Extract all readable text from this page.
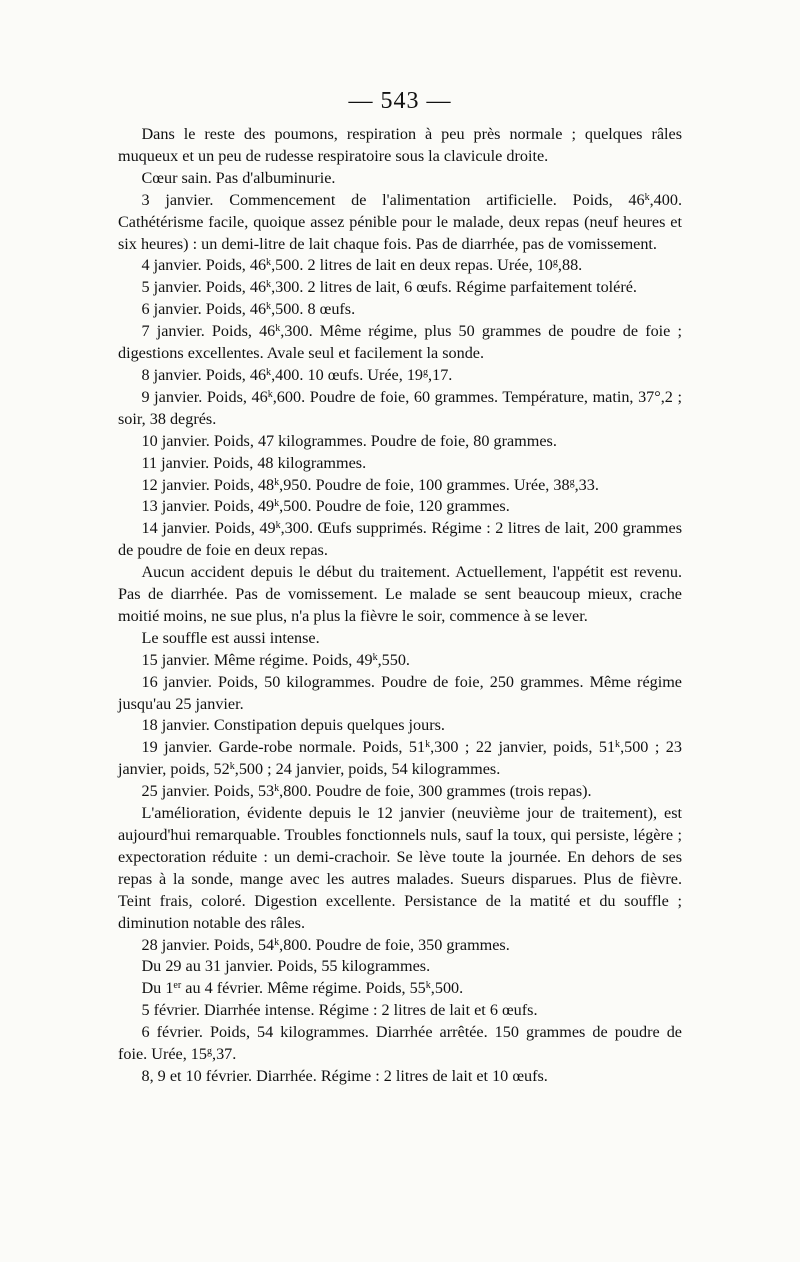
— 543 —

Dans le reste des poumons, respiration à peu près normale ; quelques râles muqueux et un peu de rudesse respiratoire sous la clavicule droite.

Cœur sain. Pas d'albuminurie.

3 janvier. Commencement de l'alimentation artificielle. Poids, 46$^k$,400. Cathétérisme facile, quoique assez pénible pour le malade, deux repas (neuf heures et six heures) : un demi-litre de lait chaque fois. Pas de diarrhée, pas de vomissement.

4 janvier. Poids, 46$^k$,500. 2 litres de lait en deux repas. Urée, 10$^g$,88.

5 janvier. Poids, 46$^k$,300. 2 litres de lait, 6 œufs. Régime parfaitement toléré.

6 janvier. Poids, 46$^k$,500. 8 œufs.

7 janvier. Poids, 46$^k$,300. Même régime, plus 50 grammes de poudre de foie ; digestions excellentes. Avale seul et facilement la sonde.

8 janvier. Poids, 46$^k$,400. 10 œufs. Urée, 19$^g$,17.

9 janvier. Poids, 46$^k$,600. Poudre de foie, 60 grammes. Température, matin, 37°,2 ; soir, 38 degrés.

10 janvier. Poids, 47 kilogrammes. Poudre de foie, 80 grammes.

11 janvier. Poids, 48 kilogrammes.

12 janvier. Poids, 48$^k$,950. Poudre de foie, 100 grammes. Urée, 38$^g$,33.

13 janvier. Poids, 49$^k$,500. Poudre de foie, 120 grammes.

14 janvier. Poids, 49$^k$,300. Œufs supprimés. Régime : 2 litres de lait, 200 grammes de poudre de foie en deux repas.

Aucun accident depuis le début du traitement. Actuellement, l'appétit est revenu. Pas de diarrhée. Pas de vomissement. Le malade se sent beaucoup mieux, crache moitié moins, ne sue plus, n'a plus la fièvre le soir, commence à se lever.

Le souffle est aussi intense.

15 janvier. Même régime. Poids, 49$^k$,550.

16 janvier. Poids, 50 kilogrammes. Poudre de foie, 250 grammes. Même régime jusqu'au 25 janvier.

18 janvier. Constipation depuis quelques jours.

19 janvier. Garde-robe normale. Poids, 51$^k$,300 ; 22 janvier, poids, 51$^k$,500 ; 23 janvier, poids, 52$^k$,500 ; 24 janvier, poids, 54 kilogrammes.

25 janvier. Poids, 53$^k$,800. Poudre de foie, 300 grammes (trois repas).

L'amélioration, évidente depuis le 12 janvier (neuvième jour de traitement), est aujourd'hui remarquable. Troubles fonctionnels nuls, sauf la toux, qui persiste, légère ; expectoration réduite : un demi-crachoir. Se lève toute la journée. En dehors de ses repas à la sonde, mange avec les autres malades. Sueurs disparues. Plus de fièvre. Teint frais, coloré. Digestion excellente. Persistance de la matité et du souffle ; diminution notable des râles.

28 janvier. Poids, 54$^k$,800. Poudre de foie, 350 grammes.

Du 29 au 31 janvier. Poids, 55 kilogrammes.

Du 1er au 4 février. Même régime. Poids, 55$^k$,500.

5 février. Diarrhée intense. Régime : 2 litres de lait et 6 œufs.

6 février. Poids, 54 kilogrammes. Diarrhée arrêtée. 150 grammes de poudre de foie. Urée, 15$^g$,37.

8, 9 et 10 février. Diarrhée. Régime : 2 litres de lait et 10 œufs.
